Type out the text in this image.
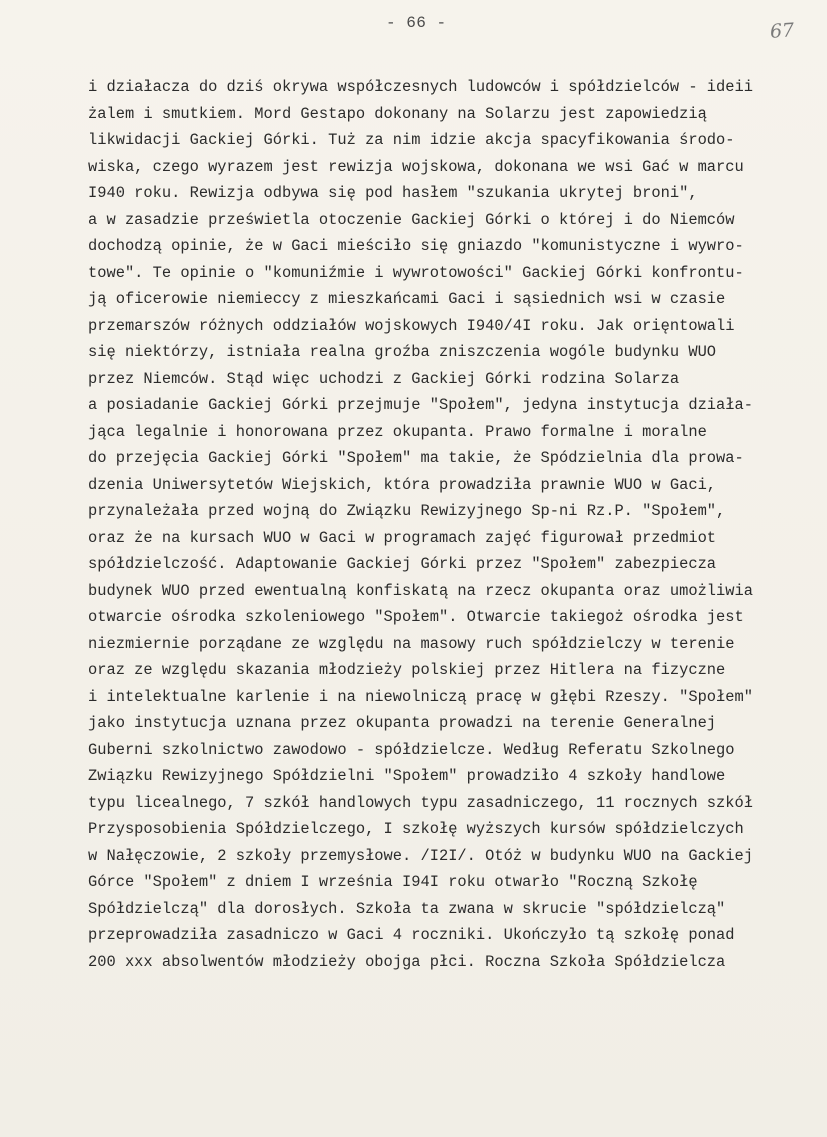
- 66 -	67
i działacza do dziś okrywa współczesnych ludowców i spółdzielców - ideii
żalem i smutkiem. Mord Gestapo dokonany na Solarzu jest zapowiedzią
likwidacji Gackiej Górki. Tuż za nim idzie akcja spacyfikowania środo-
wiska, czego wyrazem jest rewizja wojskowa, dokonana we wsi Gać w marcu
I940 roku. Rewizja odbywa się pod hasłem "szukania ukrytej broni",
a w zasadzie prześwietla otoczenie Gackiej Górki o której i do Niemców
dochodzą opinie, że w Gaci mieściło się gniazdo "komunistyczne i wywro-
towe". Te opinie o "komuniźmie i wywrotowości" Gackiej Górki konfrontu-
ją oficerowie niemieccy z mieszkańcami Gaci i sąsiednich wsi w czasie
przemarszów różnych oddziałów wojskowych I940/4I roku. Jak orięntowali
się niektórzy, istniała realna groźba zniszczenia wogóle budynku WUO
przez Niemców. Stąd więc uchodzi z Gackiej Górki rodzina Solarza
a posiadanie Gackiej Górki przejmuje "Społem", jedyna instytucja działa-
jąca legalnie i honorowana przez okupanta. Prawo formalne i moralne
do przejęcia Gackiej Górki "Społem" ma takie, że Spódzielnia dla prowa-
dzenia Uniwersytetów Wiejskich, która prowadziła prawnie WUO w Gaci,
przynależała przed wojną do Związku Rewizyjnego Sp-ni Rz.P. "Społem",
oraz że na kursach WUO w Gaci w programach zajęć figurował przedmiot
spółdzielczość. Adaptowanie Gackiej Górki przez "Społem" zabezpiecza
budynek WUO przed ewentualną konfiskatą na rzecz okupanta oraz umożliwia
otwarcie ośrodka szkoleniowego "Społem". Otwarcie takiegoż ośrodka jest
niezmiernie porządane ze względu na masowy ruch spółdzielczy w terenie
oraz ze względu skazania młodzieży polskiej przez Hitlera na fizyczne
i intelektualne karlenie i na niewolniczą pracę w głębi Rzeszy. "Społem"
jako instytucja uznana przez okupanta prowadzi na terenie Generalnej
Guberni szkolnictwo zawodowo - spółdzielcze. Według Referatu Szkolnego
Związku Rewizyjnego Spółdzielni "Społem" prowadziło 4 szkoły handlowe
typu licealnego, 7 szkół handlowych typu zasadniczego, 11 rocznych szkół
Przysposobienia Spółdzielczego, I szkołę wyższych kursów spółdzielczych
w Nałęczowie, 2 szkoły przemysłowe. /I2I/. Otóż w budynku WUO na Gackiej
Górce "Społem" z dniem I września I94I roku otwarło "Roczną Szkołę
Spółdzielczą" dla dorosłych. Szkoła ta zwana w skrucie "spółdzielczą"
przeprowadziła zasadniczo w Gaci 4 roczniki. Ukończyło tą szkołę ponad
200 xxx absolwentów młodzieży obojga płci. Roczna Szkoła Spółdzielcza
